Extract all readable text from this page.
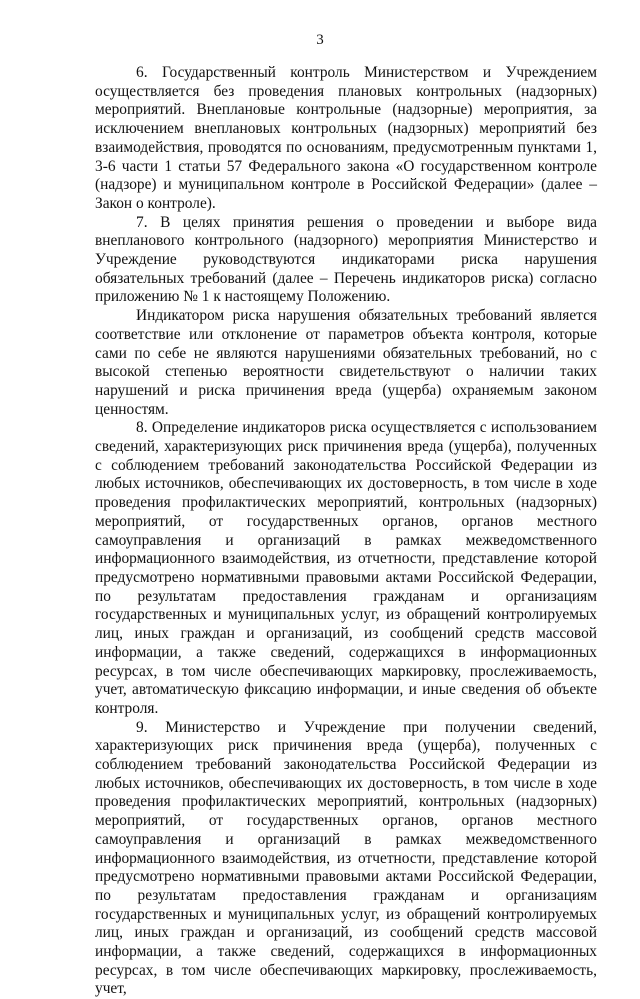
3

6. Государственный контроль Министерством и Учреждением осуществляется без проведения плановых контрольных (надзорных) мероприятий. Внеплановые контрольные (надзорные) мероприятия, за исключением внеплановых контрольных (надзорных) мероприятий без взаимодействия, проводятся по основаниям, предусмотренным пунктами 1, 3-6 части 1 статьи 57 Федерального закона «О государственном контроле (надзоре) и муниципальном контроле в Российской Федерации» (далее – Закон о контроле).

7. В целях принятия решения о проведении и выборе вида внепланового контрольного (надзорного) мероприятия Министерство и Учреждение руководствуются индикаторами риска нарушения обязательных требований (далее – Перечень индикаторов риска) согласно приложению № 1 к настоящему Положению.

Индикатором риска нарушения обязательных требований является соответствие или отклонение от параметров объекта контроля, которые сами по себе не являются нарушениями обязательных требований, но с высокой степенью вероятности свидетельствуют о наличии таких нарушений и риска причинения вреда (ущерба) охраняемым законом ценностям.

8. Определение индикаторов риска осуществляется с использованием сведений, характеризующих риск причинения вреда (ущерба), полученных с соблюдением требований законодательства Российской Федерации из любых источников, обеспечивающих их достоверность, в том числе в ходе проведения профилактических мероприятий, контрольных (надзорных) мероприятий, от государственных органов, органов местного самоуправления и организаций в рамках межведомственного информационного взаимодействия, из отчетности, представление которой предусмотрено нормативными правовыми актами Российской Федерации, по результатам предоставления гражданам и организациям государственных и муниципальных услуг, из обращений контролируемых лиц, иных граждан и организаций, из сообщений средств массовой информации, а также сведений, содержащихся в информационных ресурсах, в том числе обеспечивающих маркировку, прослеживаемость, учет, автоматическую фиксацию информации, и иные сведения об объекте контроля.

9. Министерство и Учреждение при получении сведений, характеризующих риск причинения вреда (ущерба), полученных с соблюдением требований законодательства Российской Федерации из любых источников, обеспечивающих их достоверность, в том числе в ходе проведения профилактических мероприятий, контрольных (надзорных) мероприятий, от государственных органов, органов местного самоуправления и организаций в рамках межведомственного информационного взаимодействия, из отчетности, представление которой предусмотрено нормативными правовыми актами Российской Федерации, по результатам предоставления гражданам и организациям государственных и муниципальных услуг, из обращений контролируемых лиц, иных граждан и организаций, из сообщений средств массовой информации, а также сведений, содержащихся в информационных ресурсах, в том числе обеспечивающих маркировку, прослеживаемость, учет,
